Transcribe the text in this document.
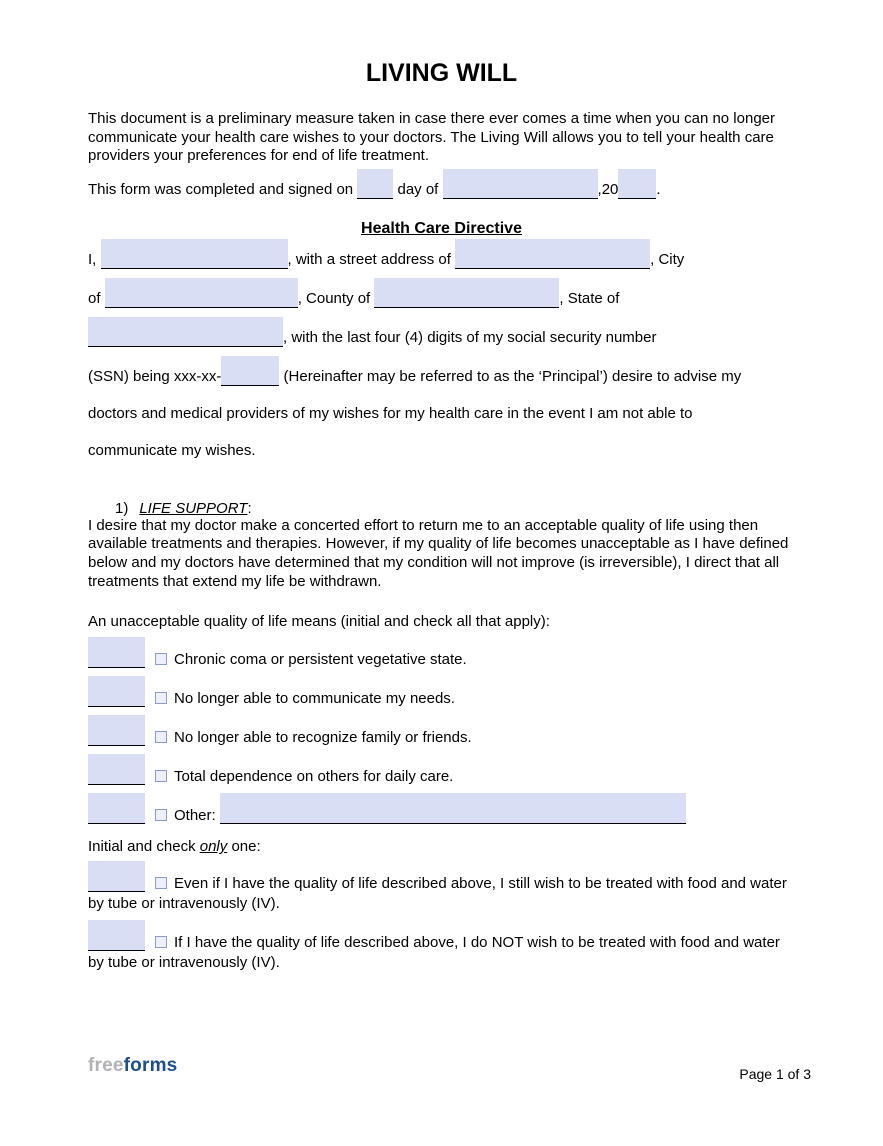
LIVING WILL
This document is a preliminary measure taken in case there ever comes a time when you can no longer communicate your health care wishes to your doctors. The Living Will allows you to tell your health care providers your preferences for end of life treatment.
This form was completed and signed on	day of	,20	.
Health Care Directive
I,	, with a street address of	, City
of	, County of	, State of
, with the last four (4) digits of my social security number
(SSN) being xxx-xx-	(Hereinafter may be referred to as the ‘Principal’) desire to advise my
doctors and medical providers of my wishes for my health care in the event I am not able to
communicate my wishes.
1) LIFE SUPPORT:
I desire that my doctor make a concerted effort to return me to an acceptable quality of life using then available treatments and therapies. However, if my quality of life becomes unacceptable as I have defined below and my doctors have determined that my condition will not improve (is irreversible), I direct that all treatments that extend my life be withdrawn.
An unacceptable quality of life means (initial and check all that apply):
Chronic coma or persistent vegetative state.
No longer able to communicate my needs.
No longer able to recognize family or friends.
Total dependence on others for daily care.
Other:
Initial and check only one:
Even if I have the quality of life described above, I still wish to be treated with food and water by tube or intravenously (IV).
If I have the quality of life described above, I do NOT wish to be treated with food and water by tube or intravenously (IV).
freeforms	Page 1 of 3
